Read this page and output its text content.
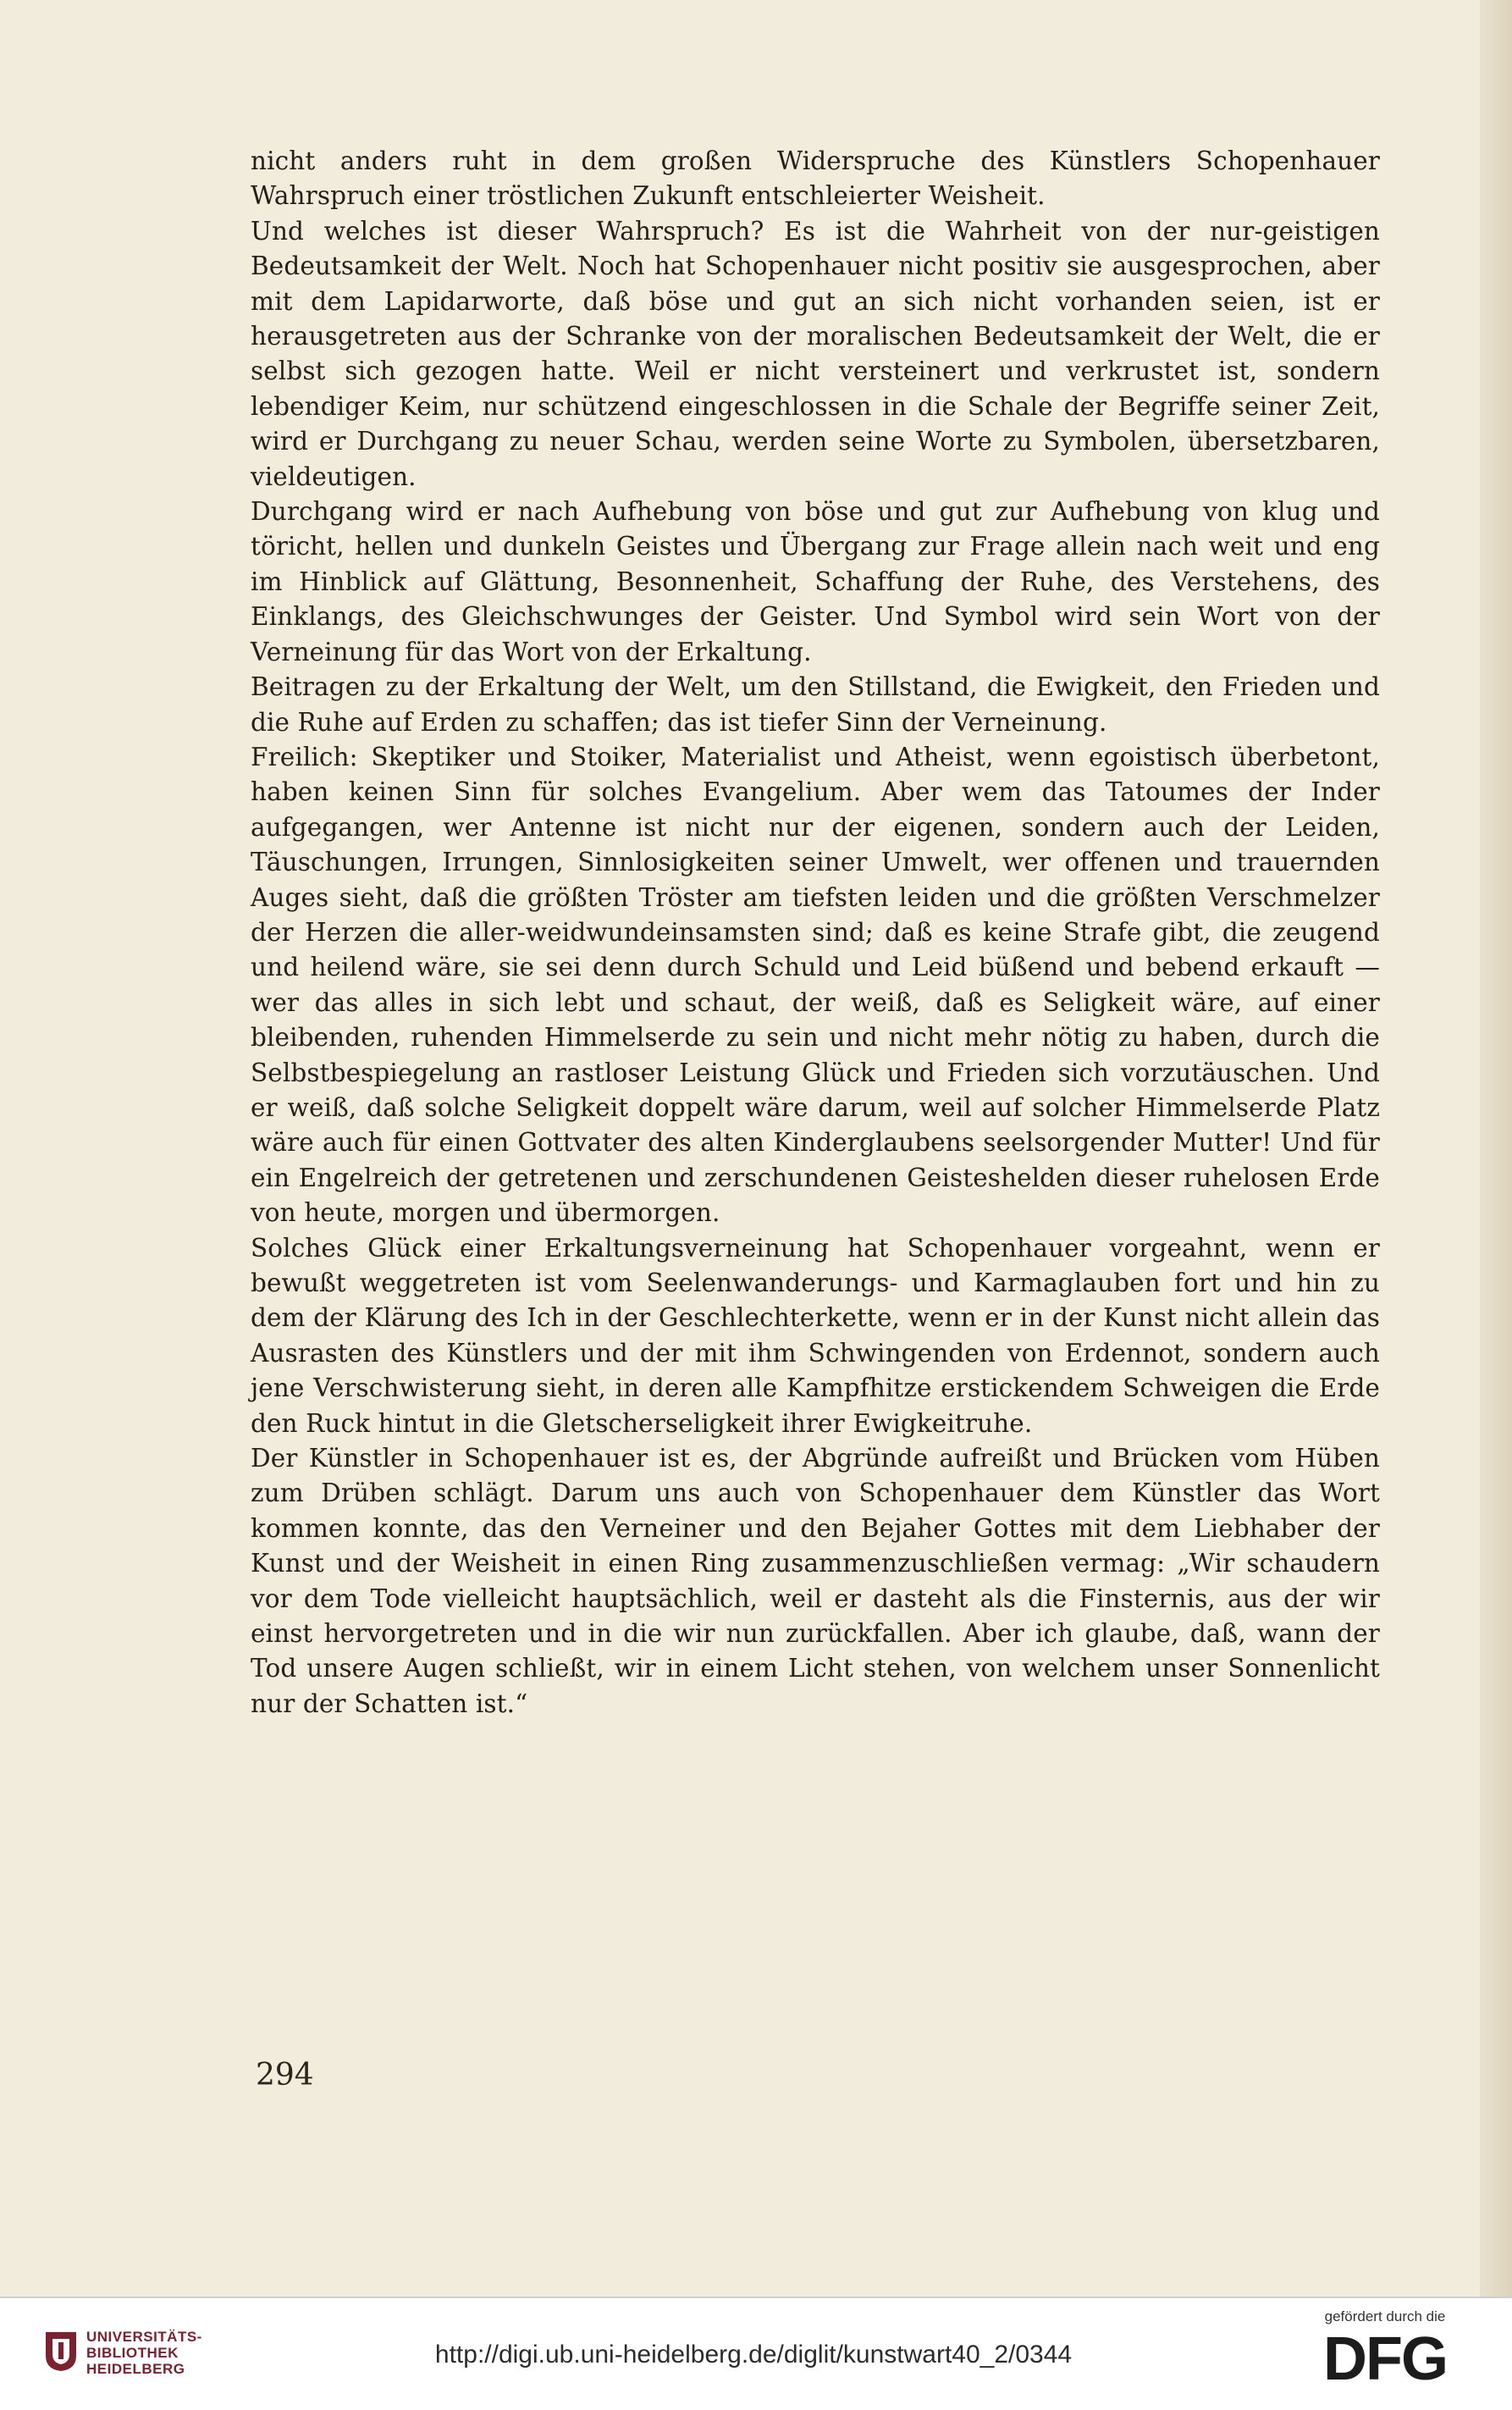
nicht anders ruht in dem großen Widerspruche des Künstlers Schopenhauer Wahrspruch einer tröstlichen Zukunft entschleierter Weisheit.

Und welches ist dieser Wahrspruch? Es ist die Wahrheit von der nur-geistigen Bedeutsamkeit der Welt. Noch hat Schopenhauer nicht positiv sie ausgesprochen, aber mit dem Lapidarworte, daß böse und gut an sich nicht vorhanden seien, ist er herausgetreten aus der Schranke von der moralischen Bedeutsamkeit der Welt, die er selbst sich gezogen hatte. Weil er nicht versteinert und verkrustet ist, sondern lebendiger Keim, nur schützend eingeschlossen in die Schale der Begriffe seiner Zeit, wird er Durchgang zu neuer Schau, werden seine Worte zu Symbolen, übersetzbaren, vieldeutigen.

Durchgang wird er nach Aufhebung von böse und gut zur Aufhebung von klug und töricht, hellen und dunkeln Geistes und Übergang zur Frage allein nach weit und eng im Hinblick auf Glättung, Besonnenheit, Schaffung der Ruhe, des Verstehens, des Einklangs, des Gleichschwunges der Geister. Und Symbol wird sein Wort von der Verneinung für das Wort von der Erkaltung.

Beitragen zu der Erkaltung der Welt, um den Stillstand, die Ewigkeit, den Frieden und die Ruhe auf Erden zu schaffen; das ist tiefer Sinn der Verneinung.

Freilich: Skeptiker und Stoiker, Materialist und Atheist, wenn egoistisch überbetont, haben keinen Sinn für solches Evangelium. Aber wem das Tatoumes der Inder aufgegangen, wer Antenne ist nicht nur der eigenen, sondern auch der Leiden, Täuschungen, Irrungen, Sinnlosigkeiten seiner Umwelt, wer offenen und trauernden Auges sieht, daß die größten Tröster am tiefsten leiden und die größten Verschmelzer der Herzen die aller-weidwundeinsamsten sind; daß es keine Strafe gibt, die zeugend und heilend wäre, sie sei denn durch Schuld und Leid büßend und bebend erkauft — wer das alles in sich lebt und schaut, der weiß, daß es Seligkeit wäre, auf einer bleibenden, ruhenden Himmelserde zu sein und nicht mehr nötig zu haben, durch die Selbstbespiegelung an rastloser Leistung Glück und Frieden sich vorzutäuschen. Und er weiß, daß solche Seligkeit doppelt wäre darum, weil auf solcher Himmelserde Platz wäre auch für einen Gottvater des alten Kinderglaubens seelsorgender Mutter! Und für ein Engelreich der getretenen und zerschundenen Geisteshelden dieser ruhelosen Erde von heute, morgen und übermorgen.

Solches Glück einer Erkaltungsverneinung hat Schopenhauer vorgeahnt, wenn er bewußt weggetreten ist vom Seelenwanderungs- und Karmaglauben fort und hin zu dem der Klärung des Ich in der Geschlechterkette, wenn er in der Kunst nicht allein das Ausrasten des Künstlers und der mit ihm Schwingenden von Erdennot, sondern auch jene Verschwisterung sieht, in deren alle Kampfhitze erstickendem Schweigen die Erde den Ruck hintut in die Gletscherseligkeit ihrer Ewigkeitruhe.

Der Künstler in Schopenhauer ist es, der Abgründe aufreißt und Brücken vom Hüben zum Drüben schlägt. Darum uns auch von Schopenhauer dem Künstler das Wort kommen konnte, das den Verneiner und den Bejaher Gottes mit dem Liebhaber der Kunst und der Weisheit in einen Ring zusammenzuschließen vermag: „Wir schaudern vor dem Tode vielleicht hauptsächlich, weil er dasteht als die Finsternis, aus der wir einst hervorgetreten und in die wir nun zurückfallen. Aber ich glaube, daß, wann der Tod unsere Augen schließt, wir in einem Licht stehen, von welchem unser Sonnenlicht nur der Schatten ist.“

294
UNIVERSITÄTS-
BIBLIOTHEK
HEIDELBERG
http://digi.ub.uni-heidelberg.de/diglit/kunstwart40_2/0344
gefördert durch die
DFG
